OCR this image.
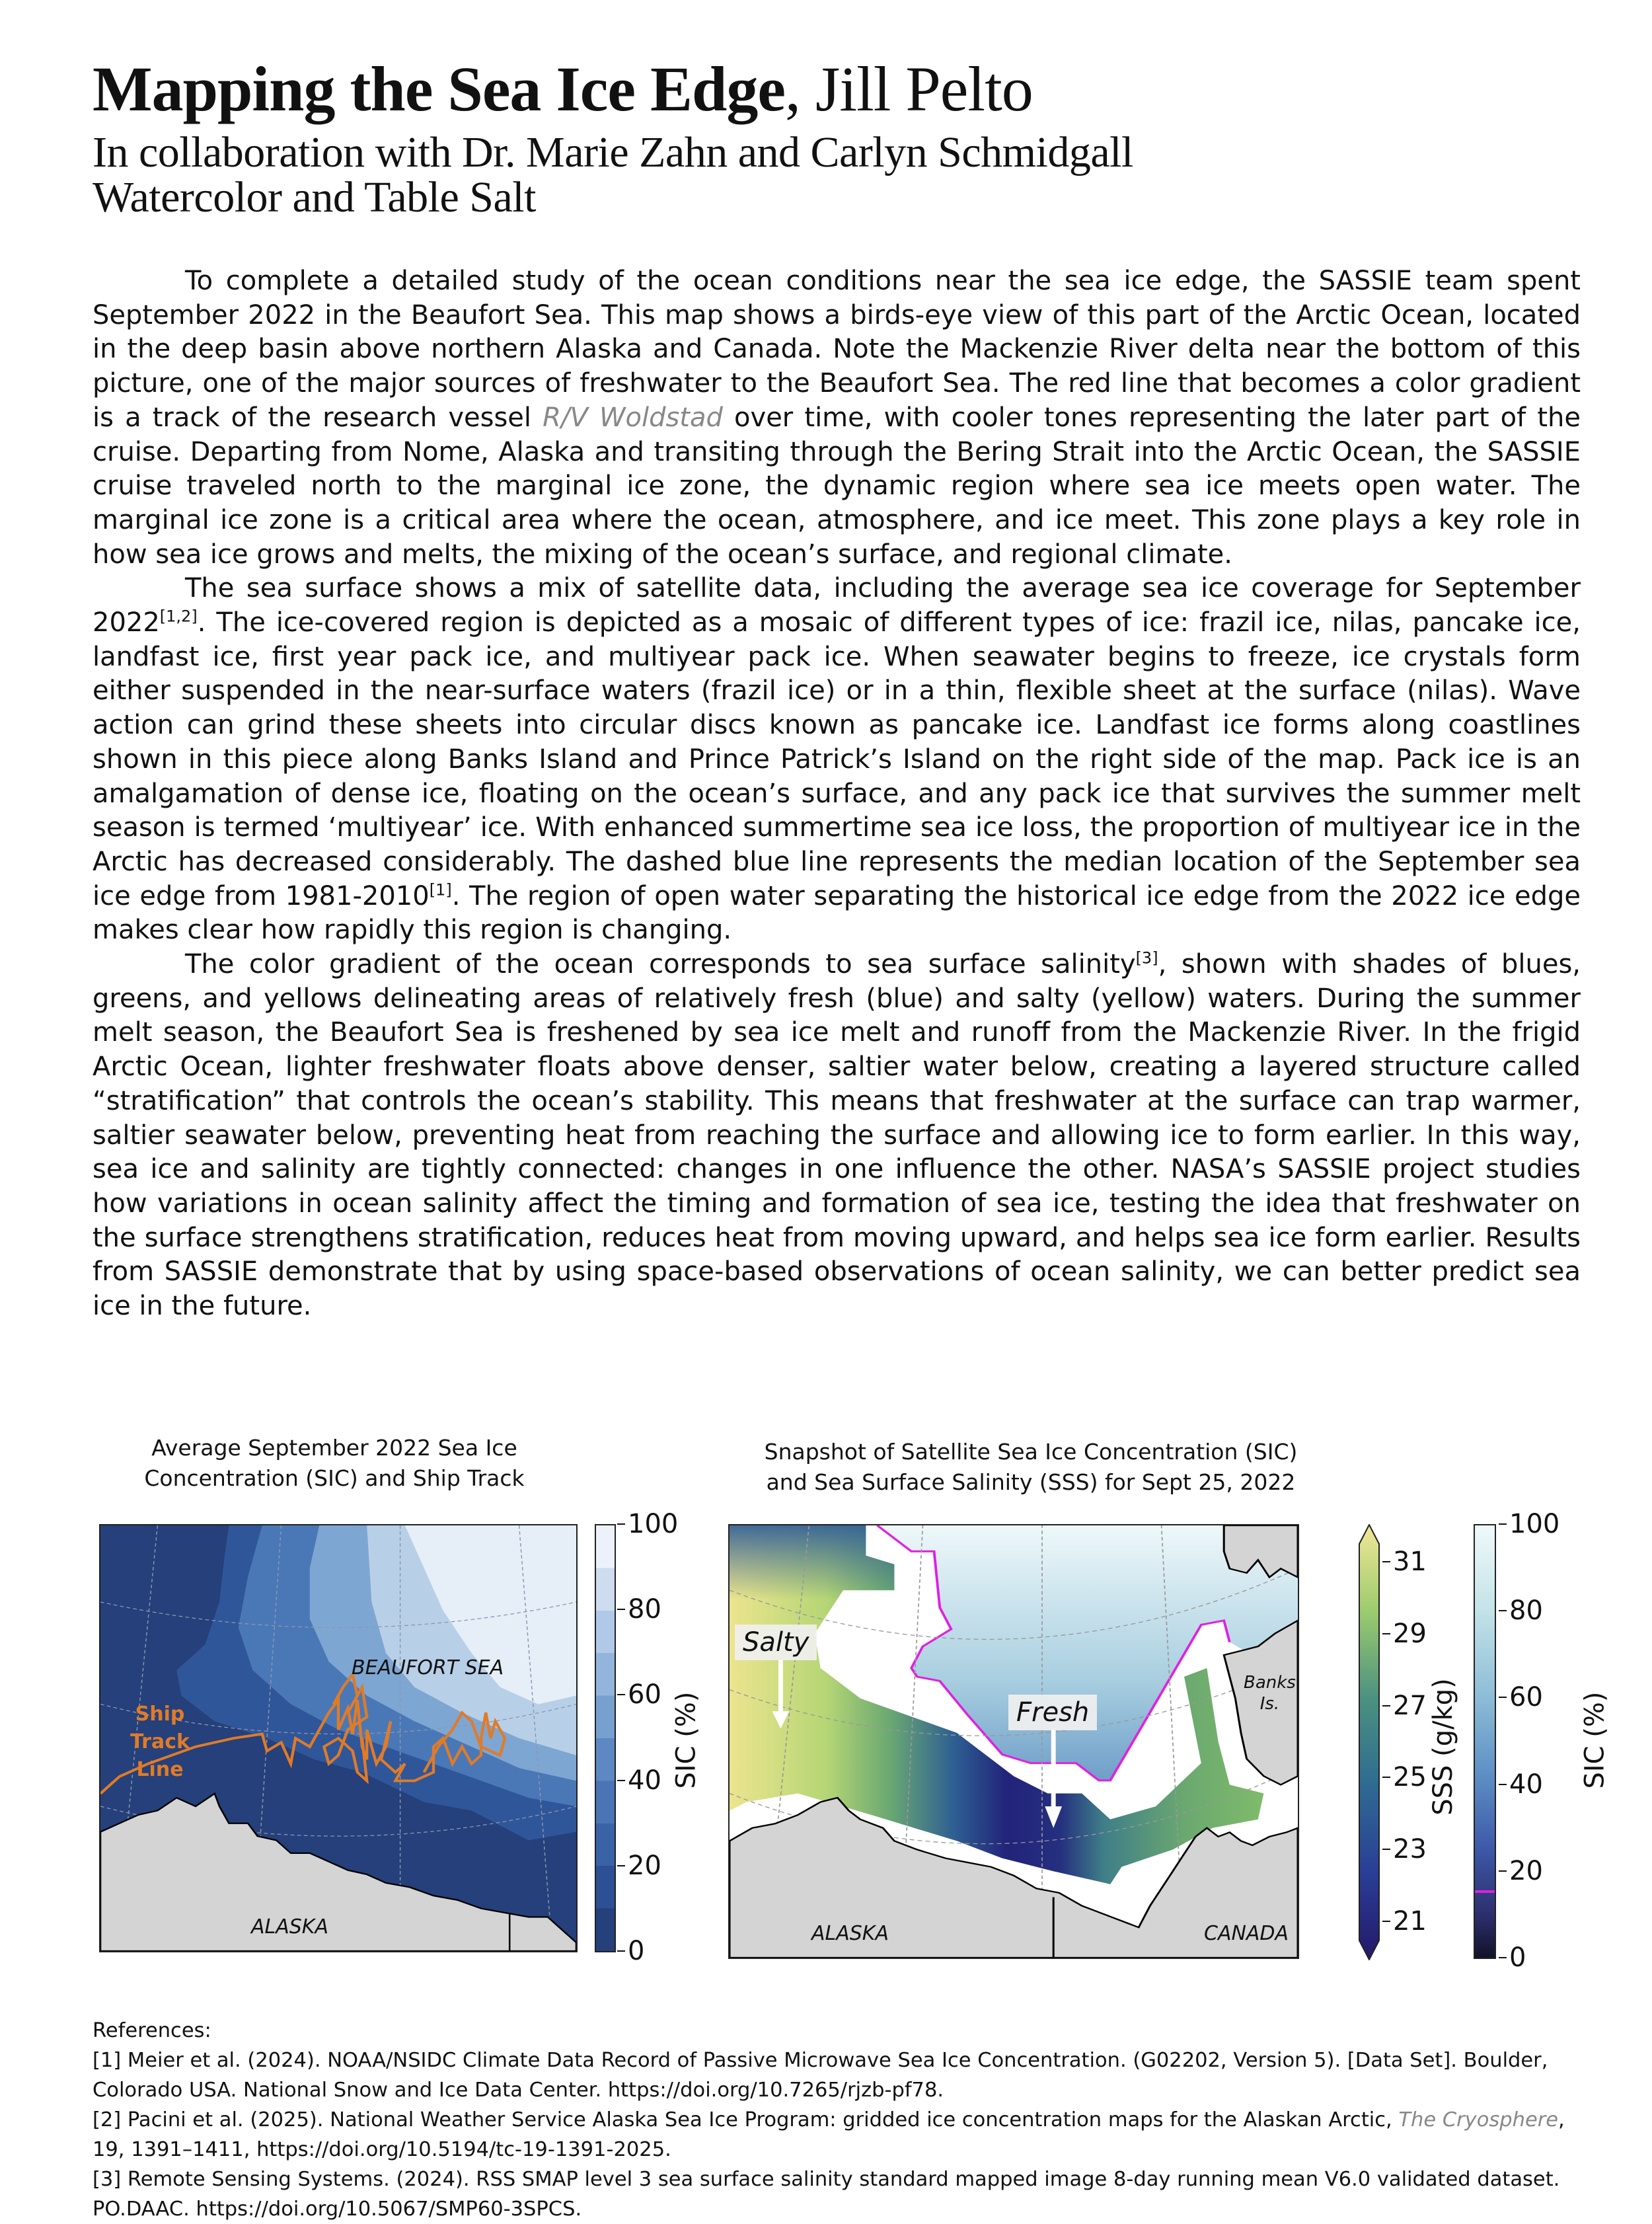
Mapping the Sea Ice Edge, Jill Pelto
In collaboration with Dr. Marie Zahn and Carlyn Schmidgall
Watercolor and Table Salt

To complete a detailed study of the ocean conditions near the sea ice edge, the SASSIE team spent September 2022 in the Beaufort Sea. This map shows a birds-eye view of this part of the Arctic Ocean, located in the deep basin above northern Alaska and Canada. Note the Mackenzie River delta near the bottom of this picture, one of the major sources of freshwater to the Beaufort Sea. The red line that becomes a color gradient is a track of the research vessel R/V Woldstad over time, with cooler tones representing the later part of the cruise. Departing from Nome, Alaska and transiting through the Bering Strait into the Arctic Ocean, the SASSIE cruise traveled north to the marginal ice zone, the dynamic region where sea ice meets open water. The marginal ice zone is a critical area where the ocean, atmosphere, and ice meet. This zone plays a key role in how sea ice grows and melts, the mixing of the ocean’s surface, and regional climate.

The sea surface shows a mix of satellite data, including the average sea ice coverage for September 2022[1,2]. The ice-covered region is depicted as a mosaic of different types of ice: frazil ice, nilas, pancake ice, landfast ice, first year pack ice, and multiyear pack ice. When seawater begins to freeze, ice crystals form either suspended in the near-surface waters (frazil ice) or in a thin, flexible sheet at the surface (nilas). Wave action can grind these sheets into circular discs known as pancake ice. Landfast ice forms along coastlines shown in this piece along Banks Island and Prince Patrick’s Island on the right side of the map. Pack ice is an amalgamation of dense ice, floating on the ocean’s surface, and any pack ice that survives the summer melt season is termed ‘multiyear’ ice. With enhanced summertime sea ice loss, the proportion of multiyear ice in the Arctic has decreased considerably. The dashed blue line represents the median location of the September sea ice edge from 1981-2010[1]. The region of open water separating the historical ice edge from the 2022 ice edge makes clear how rapidly this region is changing.

The color gradient of the ocean corresponds to sea surface salinity[3], shown with shades of blues, greens, and yellows delineating areas of relatively fresh (blue) and salty (yellow) waters. During the summer melt season, the Beaufort Sea is freshened by sea ice melt and runoff from the Mackenzie River. In the frigid Arctic Ocean, lighter freshwater floats above denser, saltier water below, creating a layered structure called “stratification” that controls the ocean’s stability. This means that freshwater at the surface can trap warmer, saltier seawater below, preventing heat from reaching the surface and allowing ice to form earlier. In this way, sea ice and salinity are tightly connected: changes in one influence the other. NASA’s SASSIE project studies how variations in ocean salinity affect the timing and formation of sea ice, testing the idea that freshwater on the surface strengthens stratification, reduces heat from moving upward, and helps sea ice form earlier. Results from SASSIE demonstrate that by using space-based observations of ocean salinity, we can better predict sea ice in the future.

Average September 2022 Sea Ice
Concentration (SIC) and Ship Track
BEAUFORT SEA
ALASKA
Ship Track
Line
100
80
60
40
20
0
SIC (%)
Snapshot of Satellite Sea Ice Concentration (SIC)
and Sea Surface Salinity (SSS) for Sept 25, 2022
Salty
Fresh
ALASKA	CANADA
Banks
Is.
31
29
27
25
23
21
SSS (g/kg)
100
80
60
40
20
0
SIC (%)
References:
[1] Meier et al. (2024). NOAA/NSIDC Climate Data Record of Passive Microwave Sea Ice Concentration. (G02202, Version 5). [Data Set]. Boulder, Colorado USA. National Snow and Ice Data Center. https://doi.org/10.7265/rjzb-pf78.
[2] Pacini et al. (2025). National Weather Service Alaska Sea Ice Program: gridded ice concentration maps for the Alaskan Arctic, The Cryosphere, 19, 1391–1411, https://doi.org/10.5194/tc-19-1391-2025.
[3] Remote Sensing Systems. (2024). RSS SMAP level 3 sea surface salinity standard mapped image 8-day running mean V6.0 validated dataset. PO.DAAC. https://doi.org/10.5067/SMP60-3SPCS.
